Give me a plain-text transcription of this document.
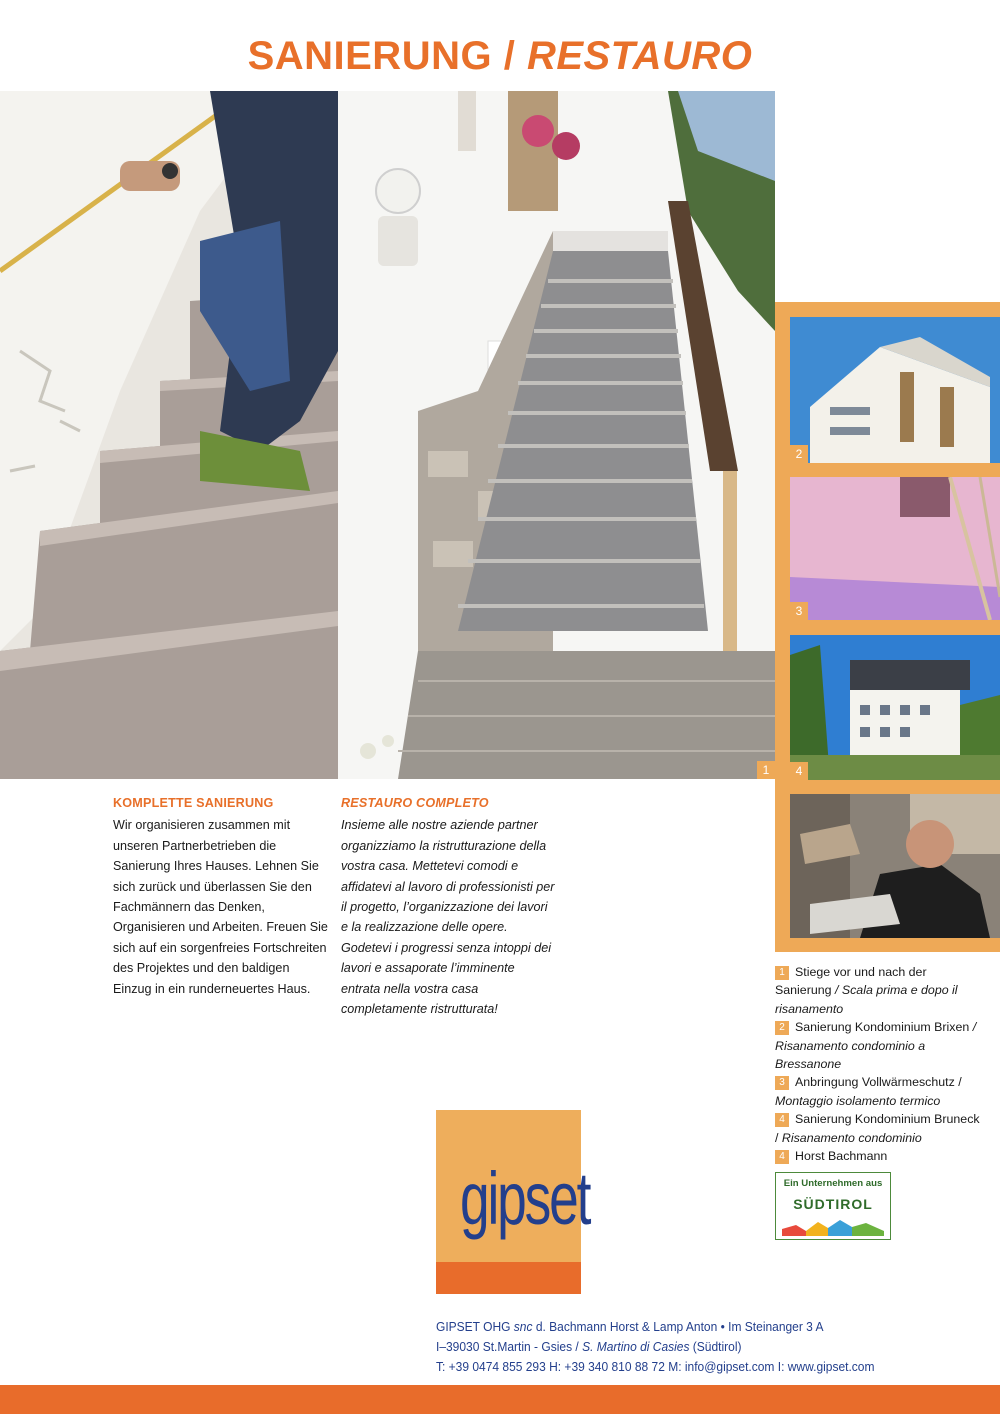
SANIERUNG / RESTAURO
1
2
3
4
KOMPLETTE SANIERUNG
Wir organisieren zusammen mit unseren Partnerbetrieben die Sanierung Ihres Hauses. Lehnen Sie sich zurück und überlassen Sie den Fachmännern das Denken, Organisieren und Arbeiten. Freuen Sie sich auf ein sorgenfreies Fortschreiten des Projektes und den baldigen Einzug in ein runderneuertes Haus.
RESTAURO COMPLETO
Insieme alle nostre aziende partner organizziamo la ristrutturazione della vostra casa. Mettetevi comodi e affidatevi al lavoro di professionisti per il progetto, l’organizzazione dei lavori e la realizzazione delle opere. Godetevi i progressi senza intoppi dei lavori e assaporate l’imminente entrata nella vostra casa completamente ristrutturata!
1 Stiege vor und nach der Sanierung / Scala prima e dopo il risanamento
2 Sanierung Kondominium Brixen / Risanamento condominio a Bressanone
3 Anbringung Vollwärmeschutz / Montaggio isolamento termico
4 Sanierung Kondominium Bruneck / Risanamento condominio
4 Horst Bachmann
gipset	Ein Unternehmen aus
SÜDTIROL
GIPSET OHG snc d. Bachmann Horst & Lamp Anton • Im Steinanger 3 A
I–39030 St.Martin - Gsies / S. Martino di Casies (Südtirol)
T: +39 0474 855 293 H: +39 340 810 88 72 M: info@gipset.com I: www.gipset.com
